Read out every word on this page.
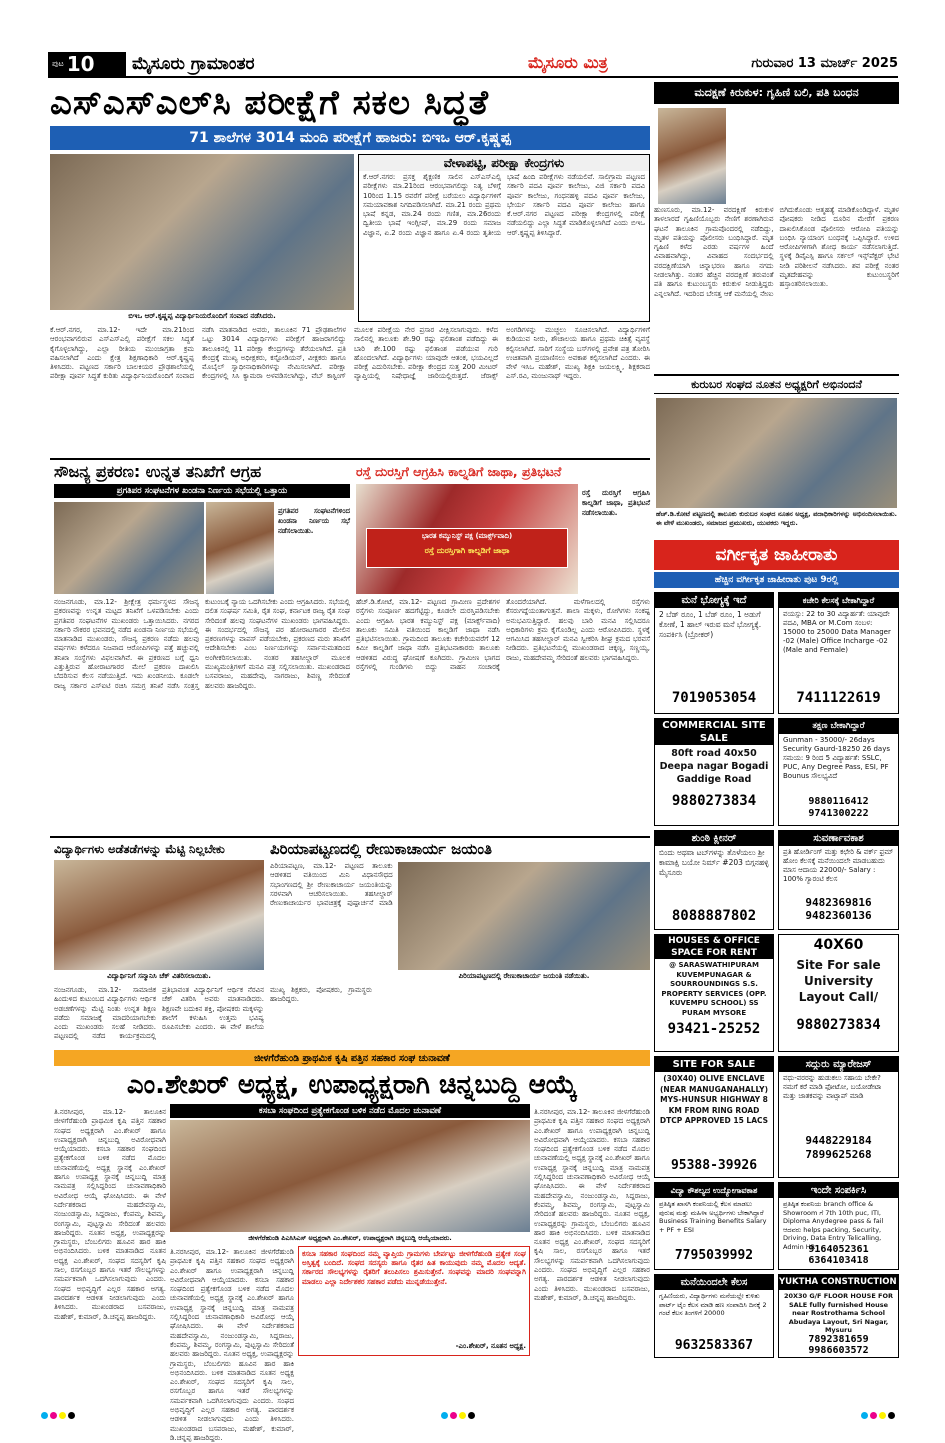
ಪುಟ 10 ಮೈಸೂರು ಗ್ರಾಮಾಂತರ	ಮೈಸೂರು ಮಿತ್ರ	ಗುರುವಾರ 13 ಮಾರ್ಚ್ 2025
ಎಸ್‌ಎಸ್‌ಎಲ್‌ಸಿ ಪರೀಕ್ಷೆಗೆ ಸಕಲ ಸಿದ್ಧತೆ
71 ಶಾಲೆಗಳ 3014 ಮಂದಿ ಪರೀಕ್ಷೆಗೆ ಹಾಜರು: ಬಿಇಒ ಆರ್.ಕೃಷ್ಣಪ್ಪ
ಬಿಇಒ ಆರ್.ಕೃಷ್ಣಪ್ಪ ವಿದ್ಯಾರ್ಥಿನಿಯರೊಂದಿಗೆ ಸಂವಾದ ನಡೆಸಿದರು.
ವೇಳಾಪಟ್ಟಿ, ಪರೀಕ್ಷಾ ಕೇಂದ್ರಗಳು
ಕೆ.ಆರ್.ನಗರ: ಪ್ರಸಕ್ತ ಶೈಕ್ಷಣಿಕ ಸಾಲಿನ ಎಸ್ಎಸ್ಎಲ್ಸಿ ಪರೀಕ್ಷೆಗಳು ಮಾ.21ರಿಂದ ಆರಂಭವಾಗಲಿದ್ದು ನಿತ್ಯ ಬೆಳಿಗ್ಗೆ 10ರಿಂದ 1.15 ರವರೆಗೆ ಪರೀಕ್ಷೆ ಬರೆಯಲು ವಿದ್ಯಾರ್ಥಿಗಳಿಗೆ ಸಮಯಾವಕಾಶ ನಿಗದಿಪಡಿಸಲಾಗಿದೆ. ಮಾ.21 ರಂದು ಪ್ರಥಮ ಭಾಷೆ ಕನ್ನಡ, ಮಾ.24 ರಂದು ಗಣಿತ, ಮಾ.26ರಂದು ದ್ವಿತೀಯ ಭಾಷೆ ಇಂಗ್ಲೀಷ್, ಮಾ.29 ರಂದು ಸಮಾಜ ವಿಜ್ಞಾನ, ಏ.2 ರಂದು ವಿಜ್ಞಾನ ಹಾಗೂ ಏ.4 ರಂದು ತೃತೀಯ ಭಾಷೆ ಹಿಂದಿ ಪರೀಕ್ಷೆಗಳು ನಡೆಯಲಿವೆ. ಸಾಲಿಗ್ರಾಮ ಪಟ್ಟಣದ ಸರ್ಕಾರಿ ಪದವಿ ಪೂರ್ವ ಕಾಲೇಜು, ವಿಜಿ ಸರ್ಕಾರಿ ಪದವಿ ಪೂರ್ವ ಕಾಲೇಜು, ಗಂಧನಹಳ್ಳಿ ಪದವಿ ಪೂರ್ವ ಕಾಲೇಜು, ಭೇರ್ಯ ಸರ್ಕಾರಿ ಪದವಿ ಪೂರ್ವ ಕಾಲೇಜು ಹಾಗೂ ಕೆ.ಆರ್.ನಗರ ಪಟ್ಟಣದ ಪರೀಕ್ಷಾ ಕೇಂದ್ರಗಳಲ್ಲಿ ಪರೀಕ್ಷೆ ನಡೆಯಲಿದ್ದು ಎಲ್ಲಾ ಸಿದ್ಧತೆ ಮಾಡಿಕೊಳ್ಳಲಾಗಿದೆ ಎಂದು ಬಿಇಒ ಆರ್.ಕೃಷ್ಣಪ್ಪ ತಿಳಿಸಿದ್ದಾರೆ.
ಕೆ.ಆರ್.ನಗರ, ಮಾ.12- ಇದೇ ಮಾ.21ರಿಂದ ಆರಂಭವಾಗಲಿರುವ ಎಸ್ಎಸ್ಎಲ್ಸಿ ಪರೀಕ್ಷೆಗೆ ಸಕಲ ಸಿದ್ಧತೆ ಕೈಗೊಳ್ಳಲಾಗಿದ್ದು, ಎಲ್ಲಾ ರೀತಿಯ ಮುಂಜಾಗ್ರತಾ ಕ್ರಮ ವಹಿಸಲಾಗಿದೆ ಎಂದು ಕ್ಷೇತ್ರ ಶಿಕ್ಷಣಾಧಿಕಾರಿ ಆರ್.ಕೃಷ್ಣಪ್ಪ ತಿಳಿಸಿದರು. ಪಟ್ಟಣದ ಸರ್ಕಾರಿ ಬಾಲಕಿಯರ ಪ್ರೌಢಶಾಲೆಯಲ್ಲಿ ಪರೀಕ್ಷಾ ಪೂರ್ವ ಸಿದ್ಧತೆ ಕುರಿತು ವಿದ್ಯಾರ್ಥಿನಿಯರೊಂದಿಗೆ ಸಂವಾದ ನಡೆಸಿ ಮಾತನಾಡಿದ ಅವರು, ತಾಲೂಕಿನ 71 ಪ್ರೌಢಶಾಲೆಗಳ ಒಟ್ಟು 3014 ವಿದ್ಯಾರ್ಥಿಗಳು ಪರೀಕ್ಷೆಗೆ ಹಾಜರಾಗಲಿದ್ದು ತಾಲೂಕಿನಲ್ಲಿ 11 ಪರೀಕ್ಷಾ ಕೇಂದ್ರಗಳನ್ನು ತೆರೆಯಲಾಗಿದೆ. ಪ್ರತಿ ಕೇಂದ್ರಕ್ಕೆ ಮುಖ್ಯ ಅಧೀಕ್ಷಕರು, ಕಸ್ಟೋಡಿಯನ್, ವೀಕ್ಷಕರು ಹಾಗೂ ಮೊಬೈಲ್ ಸ್ವಾಧೀನಾಧಿಕಾರಿಗಳನ್ನು ನೇಮಿಸಲಾಗಿದೆ. ಪರೀಕ್ಷಾ ಕೇಂದ್ರಗಳಲ್ಲಿ ಸಿಸಿ ಕ್ಯಾಮರಾ ಅಳವಡಿಸಲಾಗಿದ್ದು, ವೆಬ್ ಕಾಸ್ಟಿಂಗ್ ಮೂಲಕ ಪರೀಕ್ಷೆಯ ನೇರ ಪ್ರಸಾರ ವೀಕ್ಷಿಸಲಾಗುವುದು. ಕಳೆದ ಸಾಲಿನಲ್ಲಿ ತಾಲೂಕು ಶೇ.90 ರಷ್ಟು ಫಲಿತಾಂಶ ಪಡೆದಿದ್ದು ಈ ಬಾರಿ ಶೇ.100 ರಷ್ಟು ಫಲಿತಾಂಶ ಪಡೆಯುವ ಗುರಿ ಹೊಂದಲಾಗಿದೆ. ವಿದ್ಯಾರ್ಥಿಗಳು ಯಾವುದೇ ಆತಂಕ, ಭಯವಿಲ್ಲದೆ ಪರೀಕ್ಷೆ ಎದುರಿಸಬೇಕು. ಪರೀಕ್ಷಾ ಕೇಂದ್ರದ ಸುತ್ತ 200 ಮೀಟರ್ ವ್ಯಾಪ್ತಿಯಲ್ಲಿ ನಿಷೇಧಾಜ್ಞೆ ಜಾರಿಯಲ್ಲಿರುತ್ತದೆ. ಜೆರಾಕ್ಸ್ ಅಂಗಡಿಗಳನ್ನು ಮುಚ್ಚಲು ಸೂಚಿಸಲಾಗಿದೆ. ವಿದ್ಯಾರ್ಥಿಗಳಿಗೆ ಕುಡಿಯುವ ನೀರು, ಶೌಚಾಲಯ ಹಾಗೂ ಪ್ರಥಮ ಚಿಕಿತ್ಸೆ ವ್ಯವಸ್ಥೆ ಕಲ್ಪಿಸಲಾಗಿದೆ. ಸಾರಿಗೆ ಸಂಸ್ಥೆಯ ಬಸ್‌ಗಳಲ್ಲಿ ಪ್ರವೇಶ ಪತ್ರ ತೋರಿಸಿ ಉಚಿತವಾಗಿ ಪ್ರಯಾಣಿಸಲು ಅವಕಾಶ ಕಲ್ಪಿಸಲಾಗಿದೆ ಎಂದರು. ಈ ವೇಳೆ ಇಸಿಒ ಮಹೇಶ್, ಮುಖ್ಯ ಶಿಕ್ಷಕಿ ಜಯಲಕ್ಷ್ಮಿ, ಶಿಕ್ಷಕರಾದ ಎಸ್.ರವಿ, ಮಂಜುನಾಥ್ ಇದ್ದರು.
ಮದಕ್ಷಣೆ ಕಿರುಕುಳ: ಗೃಹಿಣಿ ಬಲಿ, ಪತಿ ಬಂಧನ
ಹುಣಸೂರು, ಮಾ.12- ವರದಕ್ಷಿಣೆ ಕಿರುಕುಳ ತಾಳಲಾರದೆ ಗೃಹಿಣಿಯೊಬ್ಬರು ನೇಣಿಗೆ ಶರಣಾಗಿರುವ ಘಟನೆ ತಾಲೂಕಿನ ಗ್ರಾಮವೊಂದರಲ್ಲಿ ನಡೆದಿದ್ದು, ಮೃತಳ ಪತಿಯನ್ನು ಪೊಲೀಸರು ಬಂಧಿಸಿದ್ದಾರೆ. ಮೃತ ಗೃಹಿಣಿ ಕಳೆದ ಎರಡು ವರ್ಷಗಳ ಹಿಂದೆ ವಿವಾಹವಾಗಿದ್ದು, ವಿವಾಹದ ಸಂದರ್ಭದಲ್ಲಿ ವರದಕ್ಷಿಣೆಯಾಗಿ ಚಿನ್ನಾಭರಣ ಹಾಗೂ ನಗದು ನೀಡಲಾಗಿತ್ತು. ನಂತರ ಹೆಚ್ಚಿನ ವರದಕ್ಷಿಣೆ ತರುವಂತೆ ಪತಿ ಹಾಗೂ ಕುಟುಂಬಸ್ಥರು ಕಿರುಕುಳ ನೀಡುತ್ತಿದ್ದರು ಎನ್ನಲಾಗಿದೆ. ಇದರಿಂದ ಬೇಸತ್ತ ಆಕೆ ಮನೆಯಲ್ಲಿ ನೇಣು ಬಿಗಿದುಕೊಂಡು ಆತ್ಮಹತ್ಯೆ ಮಾಡಿಕೊಂಡಿದ್ದಾಳೆ. ಮೃತಳ ಪೋಷಕರು ನೀಡಿದ ದೂರಿನ ಮೇರೆಗೆ ಪ್ರಕರಣ ದಾಖಲಿಸಿಕೊಂಡ ಪೊಲೀಸರು ಆರೋಪಿ ಪತಿಯನ್ನು ಬಂಧಿಸಿ ನ್ಯಾಯಾಂಗ ಬಂಧನಕ್ಕೆ ಒಪ್ಪಿಸಿದ್ದಾರೆ. ಉಳಿದ ಆರೋಪಿಗಳಿಗಾಗಿ ಶೋಧ ಕಾರ್ಯ ನಡೆಸಲಾಗುತ್ತಿದೆ. ಸ್ಥಳಕ್ಕೆ ಡಿವೈಎಸ್ಪಿ ಹಾಗೂ ಸರ್ಕಲ್ ಇನ್ಸ್‌ಪೆಕ್ಟರ್ ಭೇಟಿ ನೀಡಿ ಪರಿಶೀಲನೆ ನಡೆಸಿದರು. ಶವ ಪರೀಕ್ಷೆ ನಂತರ ಮೃತದೇಹವನ್ನು ಕುಟುಂಬಸ್ಥರಿಗೆ ಹಸ್ತಾಂತರಿಸಲಾಯಿತು.
ಕುರುಬರ ಸಂಘದ ನೂತನ ಅಧ್ಯಕ್ಷರಿಗೆ ಅಭಿನಂದನೆ
ಹೆಚ್.ಡಿ.ಕೋಟೆ ಪಟ್ಟಣದಲ್ಲಿ ತಾಲೂಕು ಕುರುಬರ ಸಂಘದ ನೂತನ ಅಧ್ಯಕ್ಷ, ಪದಾಧಿಕಾರಿಗಳನ್ನು ಅಭಿನಂದಿಸಲಾಯಿತು. ಈ ವೇಳೆ ಮುಖಂಡರು, ಸಮಾಜದ ಪ್ರಮುಖರು, ಯುವಕರು ಇದ್ದರು.
ಸೌಜನ್ಯ ಪ್ರಕರಣ: ಉನ್ನತ ತನಿಖೆಗೆ ಆಗ್ರಹ
ಪ್ರಗತಿಪರ ಸಂಘಟನೆಗಳ ಖಂಡನಾ ನಿರ್ಣಯ ಸಭೆಯಲ್ಲಿ ಒತ್ತಾಯ
ಪ್ರಗತಿಪರ ಸಂಘಟನೆಗಳಿಂದ ಖಂಡನಾ ನಿರ್ಣಯ ಸಭೆ ನಡೆಸಲಾಯಿತು.
ನಂಜನಗೂಡು, ಮಾ.12- ಶ್ರೀಕ್ಷೇತ್ರ ಧರ್ಮಸ್ಥಳದ ಸೌಜನ್ಯ ಪ್ರಕರಣವನ್ನು ಉನ್ನತ ಮಟ್ಟದ ತನಿಖೆಗೆ ಒಳಪಡಿಸಬೇಕು ಎಂದು ಪ್ರಗತಿಪರ ಸಂಘಟನೆಗಳ ಮುಖಂಡರು ಒತ್ತಾಯಿಸಿದರು. ನಗರದ ಸರ್ಕಾರಿ ನೌಕರರ ಭವನದಲ್ಲಿ ನಡೆದ ಖಂಡನಾ ನಿರ್ಣಯ ಸಭೆಯಲ್ಲಿ ಮಾತನಾಡಿದ ಮುಖಂಡರು, ಸೌಜನ್ಯ ಪ್ರಕರಣ ನಡೆದು ಹಲವು ವರ್ಷಗಳು ಕಳೆದರೂ ನಿಜವಾದ ಆರೋಪಿಗಳನ್ನು ಪತ್ತೆ ಹಚ್ಚುವಲ್ಲಿ ತನಿಖಾ ಸಂಸ್ಥೆಗಳು ವಿಫಲವಾಗಿವೆ. ಈ ಪ್ರಕರಣದ ಬಗ್ಗೆ ಧ್ವನಿ ಎತ್ತುತ್ತಿರುವ ಹೋರಾಟಗಾರರ ಮೇಲೆ ಪ್ರಕರಣ ದಾಖಲಿಸಿ ಬೆದರಿಸುವ ಕೆಲಸ ನಡೆಯುತ್ತಿದೆ. ಇದು ಖಂಡನೀಯ. ಕೂಡಲೇ ರಾಜ್ಯ ಸರ್ಕಾರ ಎಸ್ಐಟಿ ರಚಿಸಿ ಸಮಗ್ರ ತನಿಖೆ ನಡೆಸಿ ಸಂತ್ರಸ್ತ ಕುಟುಂಬಕ್ಕೆ ನ್ಯಾಯ ಒದಗಿಸಬೇಕು ಎಂದು ಆಗ್ರಹಿಸಿದರು. ಸಭೆಯಲ್ಲಿ ದಲಿತ ಸಂಘರ್ಷ ಸಮಿತಿ, ರೈತ ಸಂಘ, ಕರ್ನಾಟಕ ರಾಜ್ಯ ರೈತ ಸಂಘ ಸೇರಿದಂತೆ ಹಲವು ಸಂಘಟನೆಗಳ ಮುಖಂಡರು ಭಾಗವಹಿಸಿದ್ದರು. ಈ ಸಂದರ್ಭದಲ್ಲಿ ಸೌಜನ್ಯ ಪರ ಹೋರಾಟಗಾರರ ಮೇಲಿನ ಪ್ರಕರಣಗಳನ್ನು ವಾಪಸ್ ಪಡೆಯಬೇಕು, ಪ್ರಕರಣದ ಮರು ತನಿಖೆಗೆ ಆದೇಶಿಸಬೇಕು ಎಂಬ ನಿರ್ಣಯಗಳನ್ನು ಸರ್ವಾನುಮತದಿಂದ ಅಂಗೀಕರಿಸಲಾಯಿತು. ನಂತರ ತಹಸೀಲ್ದಾರ್ ಮೂಲಕ ಮುಖ್ಯಮಂತ್ರಿಗಳಿಗೆ ಮನವಿ ಪತ್ರ ಸಲ್ಲಿಸಲಾಯಿತು. ಮುಖಂಡರಾದ ಬಸವರಾಜು, ಮಹದೇವು, ನಾಗರಾಜು, ಶಿವಣ್ಣ ಸೇರಿದಂತೆ ಹಲವರು ಹಾಜರಿದ್ದರು.
ರಸ್ತೆ ದುರಸ್ತಿಗೆ ಆಗ್ರಹಿಸಿ ಕಾಲ್ನಡಿಗೆ ಜಾಥಾ, ಪ್ರತಿಭಟನೆ
ಭಾರತ ಕಮ್ಯುನಿಸ್ಟ್ ಪಕ್ಷ (ಮಾರ್ಕ್ಸ್‌ವಾದಿ)
ರಸ್ತೆ ದುರಸ್ತಿಗಾಗಿ ಕಾಲ್ನಡಿಗೆ ಜಾಥಾ
ರಸ್ತೆ ದುರಸ್ತಿಗೆ ಆಗ್ರಹಿಸಿ ಕಾಲ್ನಡಿಗೆ ಜಾಥಾ, ಪ್ರತಿಭಟನೆ ನಡೆಸಲಾಯಿತು.
ಹೆಚ್.ಡಿ.ಕೋಟೆ, ಮಾ.12- ಪಟ್ಟಣದ ಗ್ರಾಮೀಣ ಪ್ರದೇಶಗಳ ರಸ್ತೆಗಳು ಸಂಪೂರ್ಣ ಹದಗೆಟ್ಟಿದ್ದು, ಕೂಡಲೇ ದುರಸ್ತಿಪಡಿಸಬೇಕು ಎಂದು ಆಗ್ರಹಿಸಿ ಭಾರತ ಕಮ್ಯುನಿಸ್ಟ್ ಪಕ್ಷ (ಮಾರ್ಕ್ಸ್‌ವಾದಿ) ತಾಲೂಕು ಸಮಿತಿ ವತಿಯಿಂದ ಕಾಲ್ನಡಿಗೆ ಜಾಥಾ ನಡೆಸಿ ಪ್ರತಿಭಟಿಸಲಾಯಿತು. ಗ್ರಾಮದಿಂದ ತಾಲೂಕು ಕಚೇರಿಯವರೆಗೆ 12 ಕಿಮೀ ಕಾಲ್ನಡಿಗೆ ಜಾಥಾ ನಡೆಸಿ ಪ್ರತಿಭಟನಾಕಾರರು ತಾಲೂಕು ಆಡಳಿತದ ವಿರುದ್ಧ ಘೋಷಣೆ ಕೂಗಿದರು. ಗ್ರಾಮೀಣ ಭಾಗದ ರಸ್ತೆಗಳಲ್ಲಿ ಗುಂಡಿಗಳು ಬಿದ್ದು ವಾಹನ ಸಂಚಾರಕ್ಕೆ ತೊಂದರೆಯಾಗಿದೆ. ಮಳೆಗಾಲದಲ್ಲಿ ರಸ್ತೆಗಳು ಕೆಸರುಗದ್ದೆಯಂತಾಗುತ್ತವೆ. ಶಾಲಾ ಮಕ್ಕಳು, ರೋಗಿಗಳು ಸಂಕಷ್ಟ ಅನುಭವಿಸುತ್ತಿದ್ದಾರೆ. ಹಲವು ಬಾರಿ ಮನವಿ ಸಲ್ಲಿಸಿದರೂ ಅಧಿಕಾರಿಗಳು ಕ್ರಮ ಕೈಗೊಂಡಿಲ್ಲ ಎಂದು ಆರೋಪಿಸಿದರು. ಸ್ಥಳಕ್ಕೆ ಆಗಮಿಸಿದ ತಹಸೀಲ್ದಾರ್ ಮನವಿ ಸ್ವೀಕರಿಸಿ ಶೀಘ್ರ ಕ್ರಮದ ಭರವಸೆ ನೀಡಿದರು. ಪ್ರತಿಭಟನೆಯಲ್ಲಿ ಮುಖಂಡರಾದ ಚಿಕ್ಕಣ್ಣ, ಸಣ್ಣಯ್ಯ, ರಾಜು, ಮಹದೇವಮ್ಮ ಸೇರಿದಂತೆ ಹಲವರು ಭಾಗವಹಿಸಿದ್ದರು.
ವಿದ್ಯಾರ್ಥಿಗಳು ಅಡೆತಡೆಗಳನ್ನು ಮೆಟ್ಟಿ ನಿಲ್ಲಬೇಕು
ವಿದ್ಯಾರ್ಥಿನಿಗೆ ಸನ್ಮಾನಿಸಿ ಚೆಕ್ ವಿತರಿಸಲಾಯಿತು.
ನಂಜನಗೂಡು, ಮಾ.12- ಸಾಮಾಜಿಕ ಹಿಂದುಳಿದ ಕುಟುಂಬದ ವಿದ್ಯಾರ್ಥಿಗಳು ಆರ್ಥಿಕ ಅಡಚಣೆಗಳನ್ನು ಮೆಟ್ಟಿ ನಿಂತು ಉನ್ನತ ಶಿಕ್ಷಣ ಪಡೆದು ಸಮಾಜಕ್ಕೆ ಮಾದರಿಯಾಗಬೇಕು ಎಂದು ಮುಖಂಡರು ಸಲಹೆ ನೀಡಿದರು. ಪಟ್ಟಣದಲ್ಲಿ ನಡೆದ ಕಾರ್ಯಕ್ರಮದಲ್ಲಿ ಪ್ರತಿಭಾವಂತ ವಿದ್ಯಾರ್ಥಿನಿಗೆ ಆರ್ಥಿಕ ನೆರವಿನ ಚೆಕ್ ವಿತರಿಸಿ ಅವರು ಮಾತನಾಡಿದರು. ಶಿಕ್ಷಣವೇ ಬದುಕಿನ ಶಕ್ತಿ, ಪೋಷಕರು ಮಕ್ಕಳನ್ನು ಶಾಲೆಗೆ ಕಳುಹಿಸಿ ಉತ್ತಮ ಭವಿಷ್ಯ ರೂಪಿಸಬೇಕು ಎಂದರು. ಈ ವೇಳೆ ಶಾಲೆಯ ಮುಖ್ಯ ಶಿಕ್ಷಕರು, ಪೋಷಕರು, ಗ್ರಾಮಸ್ಥರು ಹಾಜರಿದ್ದರು.
ಪಿರಿಯಾಪಟ್ಟಣದಲ್ಲಿ ರೇಣುಕಾಚಾರ್ಯ ಜಯಂತಿ
ಪಿರಿಯಾಪಟ್ಟಣ, ಮಾ.12- ಪಟ್ಟಣದ ತಾಲೂಕು ಆಡಳಿತದ ವತಿಯಿಂದ ಮಿನಿ ವಿಧಾನಸೌಧದ ಸಭಾಂಗಣದಲ್ಲಿ ಶ್ರೀ ರೇಣುಕಾಚಾರ್ಯ ಜಯಂತಿಯನ್ನು ಸರಳವಾಗಿ ಆಚರಿಸಲಾಯಿತು. ತಹಸೀಲ್ದಾರ್ ರೇಣುಕಾಚಾರ್ಯರ ಭಾವಚಿತ್ರಕ್ಕೆ ಪುಷ್ಪಾರ್ಚನೆ ಮಾಡಿ
ಪಿರಿಯಾಪಟ್ಟಣದಲ್ಲಿ ರೇಣುಕಾಚಾರ್ಯ ಜಯಂತಿ ನಡೆಯಿತು.
ಜೀಳಗೆರೆಹುಂಡಿ ಪ್ರಾಥಮಿಕ ಕೃಷಿ ಪತ್ತಿನ ಸಹಕಾರ ಸಂಘ ಚುನಾವಣೆ
ಎಂ.ಶೇಖರ್ ಅಧ್ಯಕ್ಷ, ಉಪಾಧ್ಯಕ್ಷರಾಗಿ ಚಿನ್ನಬುದ್ದಿ ಆಯ್ಕೆ
ಕಸಬಾ ಸಂಘದಿಂದ ಪ್ರತ್ಯೇಕಗೊಂಡ ಬಳಿಕ ನಡೆದ ಮೊದಲ ಚುನಾವಣೆ
ಜೀಳಗೆರೆಹುಂಡಿ ಪಿಎಸಿಸಿಎಸ್ ಅಧ್ಯಕ್ಷರಾಗಿ ಎಂ.ಶೇಖರ್, ಉಪಾಧ್ಯಕ್ಷರಾಗಿ ಚಿನ್ನಬುದ್ದಿ ಆಯ್ಕೆಯಾದರು.
ಕಸಬಾ ಸಹಕಾರ ಸಂಘದಿಂದ ನಮ್ಮ ವ್ಯಾಪ್ತಿಯ ಗ್ರಾಮಗಳು ಬೇರ್ಪಟ್ಟು ಜೀಳಗೆರೆಹುಂಡಿ ಪ್ರತ್ಯೇಕ ಸಂಘ ಅಸ್ತಿತ್ವಕ್ಕೆ ಬಂದಿದೆ. ಸಂಘದ ಸದಸ್ಯರು ಹಾಗೂ ರೈತರ ಹಿತ ಕಾಯುವುದು ನಮ್ಮ ಮೊದಲ ಆದ್ಯತೆ. ಸರ್ಕಾರದ ಸೌಲಭ್ಯಗಳನ್ನು ರೈತರಿಗೆ ತಲುಪಿಸಲು ಶ್ರಮಿಸುತ್ತೇನೆ. ಸಂಘವನ್ನು ಮಾದರಿ ಸಂಘವನ್ನಾಗಿ ಮಾಡಲು ಎಲ್ಲಾ ನಿರ್ದೇಶಕರ ಸಹಕಾರ ಪಡೆದು ಮುನ್ನಡೆಯುತ್ತೇನೆ.
-ಎಂ.ಶೇಖರ್, ನೂತನ ಅಧ್ಯಕ್ಷ.
ತಿ.ನರಸೀಪುರ, ಮಾ.12- ತಾಲೂಕಿನ ಜೀಳಗೆರೆಹುಂಡಿ ಪ್ರಾಥಮಿಕ ಕೃಷಿ ಪತ್ತಿನ ಸಹಕಾರ ಸಂಘದ ಅಧ್ಯಕ್ಷರಾಗಿ ಎಂ.ಶೇಖರ್ ಹಾಗೂ ಉಪಾಧ್ಯಕ್ಷರಾಗಿ ಚಿನ್ನಬುದ್ದಿ ಅವಿರೋಧವಾಗಿ ಆಯ್ಕೆಯಾದರು. ಕಸಬಾ ಸಹಕಾರ ಸಂಘದಿಂದ ಪ್ರತ್ಯೇಕಗೊಂಡ ಬಳಿಕ ನಡೆದ ಮೊದಲ ಚುನಾವಣೆಯಲ್ಲಿ ಅಧ್ಯಕ್ಷ ಸ್ಥಾನಕ್ಕೆ ಎಂ.ಶೇಖರ್ ಹಾಗೂ ಉಪಾಧ್ಯಕ್ಷ ಸ್ಥಾನಕ್ಕೆ ಚಿನ್ನಬುದ್ದಿ ಮಾತ್ರ ನಾಮಪತ್ರ ಸಲ್ಲಿಸಿದ್ದರಿಂದ ಚುನಾವಣಾಧಿಕಾರಿ ಅವಿರೋಧ ಆಯ್ಕೆ ಘೋಷಿಸಿದರು. ಈ ವೇಳೆ ನಿರ್ದೇಶಕರಾದ ಮಹದೇವಸ್ವಾಮಿ, ನಂಜುಂಡಸ್ವಾಮಿ, ಸಿದ್ದರಾಜು, ಕೆಂಪಮ್ಮ, ಶಿವಮ್ಮ, ರಂಗಸ್ವಾಮಿ, ಪುಟ್ಟಸ್ವಾಮಿ ಸೇರಿದಂತೆ ಹಲವರು ಹಾಜರಿದ್ದರು. ನೂತನ ಅಧ್ಯಕ್ಷ, ಉಪಾಧ್ಯಕ್ಷರನ್ನು ಗ್ರಾಮಸ್ಥರು, ಬೆಂಬಲಿಗರು ಹೂವಿನ ಹಾರ ಹಾಕಿ ಅಭಿನಂದಿಸಿದರು. ಬಳಿಕ ಮಾತನಾಡಿದ ನೂತನ ಅಧ್ಯಕ್ಷ ಎಂ.ಶೇಖರ್, ಸಂಘದ ಸದಸ್ಯರಿಗೆ ಕೃಷಿ ಸಾಲ, ರಸಗೊಬ್ಬರ ಹಾಗೂ ಇತರೆ ಸೌಲಭ್ಯಗಳನ್ನು ಸಮರ್ಪಕವಾಗಿ ಒದಗಿಸಲಾಗುವುದು ಎಂದರು. ಸಂಘದ ಅಭಿವೃದ್ಧಿಗೆ ಎಲ್ಲರ ಸಹಕಾರ ಅಗತ್ಯ. ಪಾರದರ್ಶಕ ಆಡಳಿತ ನೀಡಲಾಗುವುದು ಎಂದು ತಿಳಿಸಿದರು. ಮುಖಂಡರಾದ ಬಸವರಾಜು, ಮಹೇಶ್, ಕುಮಾರ್, ಡಿ.ಚನ್ನಪ್ಪ ಹಾಜರಿದ್ದರು.
ತಿ.ನರಸೀಪುರ, ಮಾ.12- ತಾಲೂಕಿನ ಜೀಳಗೆರೆಹುಂಡಿ ಪ್ರಾಥಮಿಕ ಕೃಷಿ ಪತ್ತಿನ ಸಹಕಾರ ಸಂಘದ ಅಧ್ಯಕ್ಷರಾಗಿ ಎಂ.ಶೇಖರ್ ಹಾಗೂ ಉಪಾಧ್ಯಕ್ಷರಾಗಿ ಚಿನ್ನಬುದ್ದಿ ಅವಿರೋಧವಾಗಿ ಆಯ್ಕೆಯಾದರು. ಕಸಬಾ ಸಹಕಾರ ಸಂಘದಿಂದ ಪ್ರತ್ಯೇಕಗೊಂಡ ಬಳಿಕ ನಡೆದ ಮೊದಲ ಚುನಾವಣೆಯಲ್ಲಿ ಅಧ್ಯಕ್ಷ ಸ್ಥಾನಕ್ಕೆ ಎಂ.ಶೇಖರ್ ಹಾಗೂ ಉಪಾಧ್ಯಕ್ಷ ಸ್ಥಾನಕ್ಕೆ ಚಿನ್ನಬುದ್ದಿ ಮಾತ್ರ ನಾಮಪತ್ರ ಸಲ್ಲಿಸಿದ್ದರಿಂದ ಚುನಾವಣಾಧಿಕಾರಿ ಅವಿರೋಧ ಆಯ್ಕೆ ಘೋಷಿಸಿದರು. ಈ ವೇಳೆ ನಿರ್ದೇಶಕರಾದ ಮಹದೇವಸ್ವಾಮಿ, ನಂಜುಂಡಸ್ವಾಮಿ, ಸಿದ್ದರಾಜು, ಕೆಂಪಮ್ಮ, ಶಿವಮ್ಮ, ರಂಗಸ್ವಾಮಿ, ಪುಟ್ಟಸ್ವಾಮಿ ಸೇರಿದಂತೆ ಹಲವರು ಹಾಜರಿದ್ದರು. ನೂತನ ಅಧ್ಯಕ್ಷ, ಉಪಾಧ್ಯಕ್ಷರನ್ನು ಗ್ರಾಮಸ್ಥರು, ಬೆಂಬಲಿಗರು ಹೂವಿನ ಹಾರ ಹಾಕಿ ಅಭಿನಂದಿಸಿದರು. ಬಳಿಕ ಮಾತನಾಡಿದ ನೂತನ ಅಧ್ಯಕ್ಷ ಎಂ.ಶೇಖರ್, ಸಂಘದ ಸದಸ್ಯರಿಗೆ ಕೃಷಿ ಸಾಲ, ರಸಗೊಬ್ಬರ ಹಾಗೂ ಇತರೆ ಸೌಲಭ್ಯಗಳನ್ನು ಸಮರ್ಪಕವಾಗಿ ಒದಗಿಸಲಾಗುವುದು ಎಂದರು. ಸಂಘದ ಅಭಿವೃದ್ಧಿಗೆ ಎಲ್ಲರ ಸಹಕಾರ ಅಗತ್ಯ. ಪಾರದರ್ಶಕ ಆಡಳಿತ ನೀಡಲಾಗುವುದು ಎಂದು ತಿಳಿಸಿದರು. ಮುಖಂಡರಾದ ಬಸವರಾಜು, ಮಹೇಶ್, ಕುಮಾರ್, ಡಿ.ಚನ್ನಪ್ಪ ಹಾಜರಿದ್ದರು.
ತಿ.ನರಸೀಪುರ, ಮಾ.12- ತಾಲೂಕಿನ ಜೀಳಗೆರೆಹುಂಡಿ ಪ್ರಾಥಮಿಕ ಕೃಷಿ ಪತ್ತಿನ ಸಹಕಾರ ಸಂಘದ ಅಧ್ಯಕ್ಷರಾಗಿ ಎಂ.ಶೇಖರ್ ಹಾಗೂ ಉಪಾಧ್ಯಕ್ಷರಾಗಿ ಚಿನ್ನಬುದ್ದಿ ಅವಿರೋಧವಾಗಿ ಆಯ್ಕೆಯಾದರು. ಕಸಬಾ ಸಹಕಾರ ಸಂಘದಿಂದ ಪ್ರತ್ಯೇಕಗೊಂಡ ಬಳಿಕ ನಡೆದ ಮೊದಲ ಚುನಾವಣೆಯಲ್ಲಿ ಅಧ್ಯಕ್ಷ ಸ್ಥಾನಕ್ಕೆ ಎಂ.ಶೇಖರ್ ಹಾಗೂ ಉಪಾಧ್ಯಕ್ಷ ಸ್ಥಾನಕ್ಕೆ ಚಿನ್ನಬುದ್ದಿ ಮಾತ್ರ ನಾಮಪತ್ರ ಸಲ್ಲಿಸಿದ್ದರಿಂದ ಚುನಾವಣಾಧಿಕಾರಿ ಅವಿರೋಧ ಆಯ್ಕೆ ಘೋಷಿಸಿದರು. ಈ ವೇಳೆ ನಿರ್ದೇಶಕರಾದ ಮಹದೇವಸ್ವಾಮಿ, ನಂಜುಂಡಸ್ವಾಮಿ, ಸಿದ್ದರಾಜು, ಕೆಂಪಮ್ಮ, ಶಿವಮ್ಮ, ರಂಗಸ್ವಾಮಿ, ಪುಟ್ಟಸ್ವಾಮಿ ಸೇರಿದಂತೆ ಹಲವರು ಹಾಜರಿದ್ದರು. ನೂತನ ಅಧ್ಯಕ್ಷ, ಉಪಾಧ್ಯಕ್ಷರನ್ನು ಗ್ರಾಮಸ್ಥರು, ಬೆಂಬಲಿಗರು ಹೂವಿನ ಹಾರ ಹಾಕಿ ಅಭಿನಂದಿಸಿದರು. ಬಳಿಕ ಮಾತನಾಡಿದ ನೂತನ ಅಧ್ಯಕ್ಷ ಎಂ.ಶೇಖರ್, ಸಂಘದ ಸದಸ್ಯರಿಗೆ ಕೃಷಿ ಸಾಲ, ರಸಗೊಬ್ಬರ ಹಾಗೂ ಇತರೆ ಸೌಲಭ್ಯಗಳನ್ನು ಸಮರ್ಪಕವಾಗಿ ಒದಗಿಸಲಾಗುವುದು ಎಂದರು. ಸಂಘದ ಅಭಿವೃದ್ಧಿಗೆ ಎಲ್ಲರ ಸಹಕಾರ ಅಗತ್ಯ. ಪಾರದರ್ಶಕ ಆಡಳಿತ ನೀಡಲಾಗುವುದು ಎಂದು ತಿಳಿಸಿದರು. ಮುಖಂಡರಾದ ಬಸವರಾಜು, ಮಹೇಶ್, ಕುಮಾರ್, ಡಿ.ಚನ್ನಪ್ಪ ಹಾಜರಿದ್ದರು.
ವರ್ಗೀಕೃತ ಜಾಹೀರಾತು
ಹೆಚ್ಚಿನ ವರ್ಗೀಕೃತ ಜಾಹೀರಾತು ಪುಟ 9ರಲ್ಲಿ
ಮನೆ ಭೋಗ್ಯಕ್ಕೆ ಇದೆ
2 ಬೆಡ್ ರೂಂ, 1 ಬೆಡ್ ರೂಂ, 1 ಅಡುಗೆ ಕೋಣೆ, 1 ಹಾಲ್ ಇರುವ ಮನೆ ಭೋಗ್ಯಕ್ಕೆ. ಸಂಪರ್ಕಿಸಿ (ಬ್ರೋಕರ್)
7019053054
ಕಚೇರಿ ಕೆಲಸಕ್ಕೆ ಬೇಕಾಗಿದ್ದಾರೆ
ವಯಸ್ಸು: 22 to 30 ವಿದ್ಯಾರ್ಹತೆ: ಯಾವುದೇ ಪದವಿ, MBA or M.Com ಸಂಬಳ: 15000 to 25000 Data Manager -02 (Male) Office Incharge -02 (Male and Female)
7411122619
COMMERCIAL SITE SALE
80ft road 40x50 Deepa nagar Bogadi Gaddige Road
9880273834
ತಕ್ಷಣ ಬೇಕಾಗಿದ್ದಾರೆ
Gunman - 35000/- 26days Security Gaurd-18250 26 days ಸಮಯ: 9 ರಿಂದ 5 ವಿದ್ಯಾರ್ಹತೆ: SSLC, PUC, Any Degree Pass, ESI, PF Bounus ಸೌಲಭ್ಯವಿದೆ
9880116412 9741300222
ಶುಂಠಿ ಕ್ಲೀನರ್
ಬಿಂದು ಅಥವಾ ಟಬ್‌ಗಳನ್ನು ತೊಳೆಯಲು ಶ್ರೀ ಕಾಮಾಕ್ಷಿ ಬಯೋ ನಿರ್ಮ್ #203 ಬಿಗ್ಗನಹಳ್ಳಿ ಮೈಸೂರು
8088887802
ಸುವರ್ಣಾವಕಾಶ
ಪ್ರತಿ ಹೋರ್ಡಿಂಗ್ ಮತ್ತು ಕಛೇರಿ & ವರ್ಕ್ ಫ್ರಮ್ ಹೋಂ ಕೆಲಸಕ್ಕೆ ಮನೆಯಿಂದಲೇ ಮಾಡಬಹುದು ಮಾಸ ಆದಾಯ 22000/- Salary : 100% ಗ್ಯಾರಂಟಿ ಕೆಲಸ
9482369816 9482360136
HOUSES & OFFICE SPACE FOR RENT
@ SARASWATHIPURAM KUVEMPUNAGAR & SOURROUNDINGS S.S. PROPERTY SERVICES (OPP. KUVEMPU SCHOOL) SS PURAM MYSORE
93421-25252
40X60
Site For sale University Layout Call/
9880273834
SITE FOR SALE
(30X40) OLIVE ENCLAVE (NEAR MANUGANAHALLY) MYS-HUNSUR HIGHWAY 8 KM FROM RING ROAD DTCP APPROVED 15 LACS
95388-39926
ಸದ್ಗುರು ಮ್ಯಾರೇಜಸ್
ವಧು-ವರರನ್ನು ಹುಡುಕಲು ಸಹಾಯ ಬೇಕೇ? ನಮಗೆ ಕರೆ ಮಾಡಿ ಫೋಟೋ, ಬಯೋಡೇಟಾ ಮತ್ತು ಜಾತಕವನ್ನು ವಾಟ್ಸಾಪ್ ಮಾಡಿ
9448229184 7899625268
ವಿದ್ಯಾ ಕೌಶಲ್ಯದ ಉದ್ಯೋಗಾವಕಾಶ
ಪ್ರತಿಷ್ಠಿತ ಖಾಸಗಿ ಕಂಪನಿಯಲ್ಲಿ ಕೆಲಸ ಮಾಡಲು ಪುರುಷ ಮತ್ತು ಮಹಿಳಾ ಅಭ್ಯರ್ಥಿಗಳು ಬೇಕಾಗಿದ್ದಾರೆ Business Training Benefits Salary + PF + ESI
7795039992
ಇಂದೇ ಸಂಪರ್ಕಿಸಿ
ಪ್ರತಿಷ್ಠಿತ ಕಂಪನಿಯ branch office & Showroom ಗೆ 7th 10th puc, ITI, Diploma Anydegree pass & fail ಆದವರು helps packing, Security, Driving, Data Entry Telicalling, Admin HR
9164052361 6364103418
ಮನೆಯಿಂದಲೇ ಕೆಲಸ
ಗೃಹಿಣಿಯರು, ವಿದ್ಯಾರ್ಥಿಗಳು ಮನೆಯಲ್ಲೇ ಕುಳಿತು ಪಾರ್ಟ್ ಟೈಂ ಕೆಲಸ ಮಾಡಿ ಹಣ ಸಂಪಾದಿಸಿ ದಿನಕ್ಕೆ 2 ಗಂಟೆ ಕೆಲಸ ತಿಂಗಳಿಗೆ 20000
9632583367
YUKTHA CONSTRUCTION 72 LK
20X30 G/F FLOOR HOUSE FOR SALE fully furnished House near Rostrothama School Abudaya Layout, Sri Nagar, Mysuru
7892381659 9986603572
